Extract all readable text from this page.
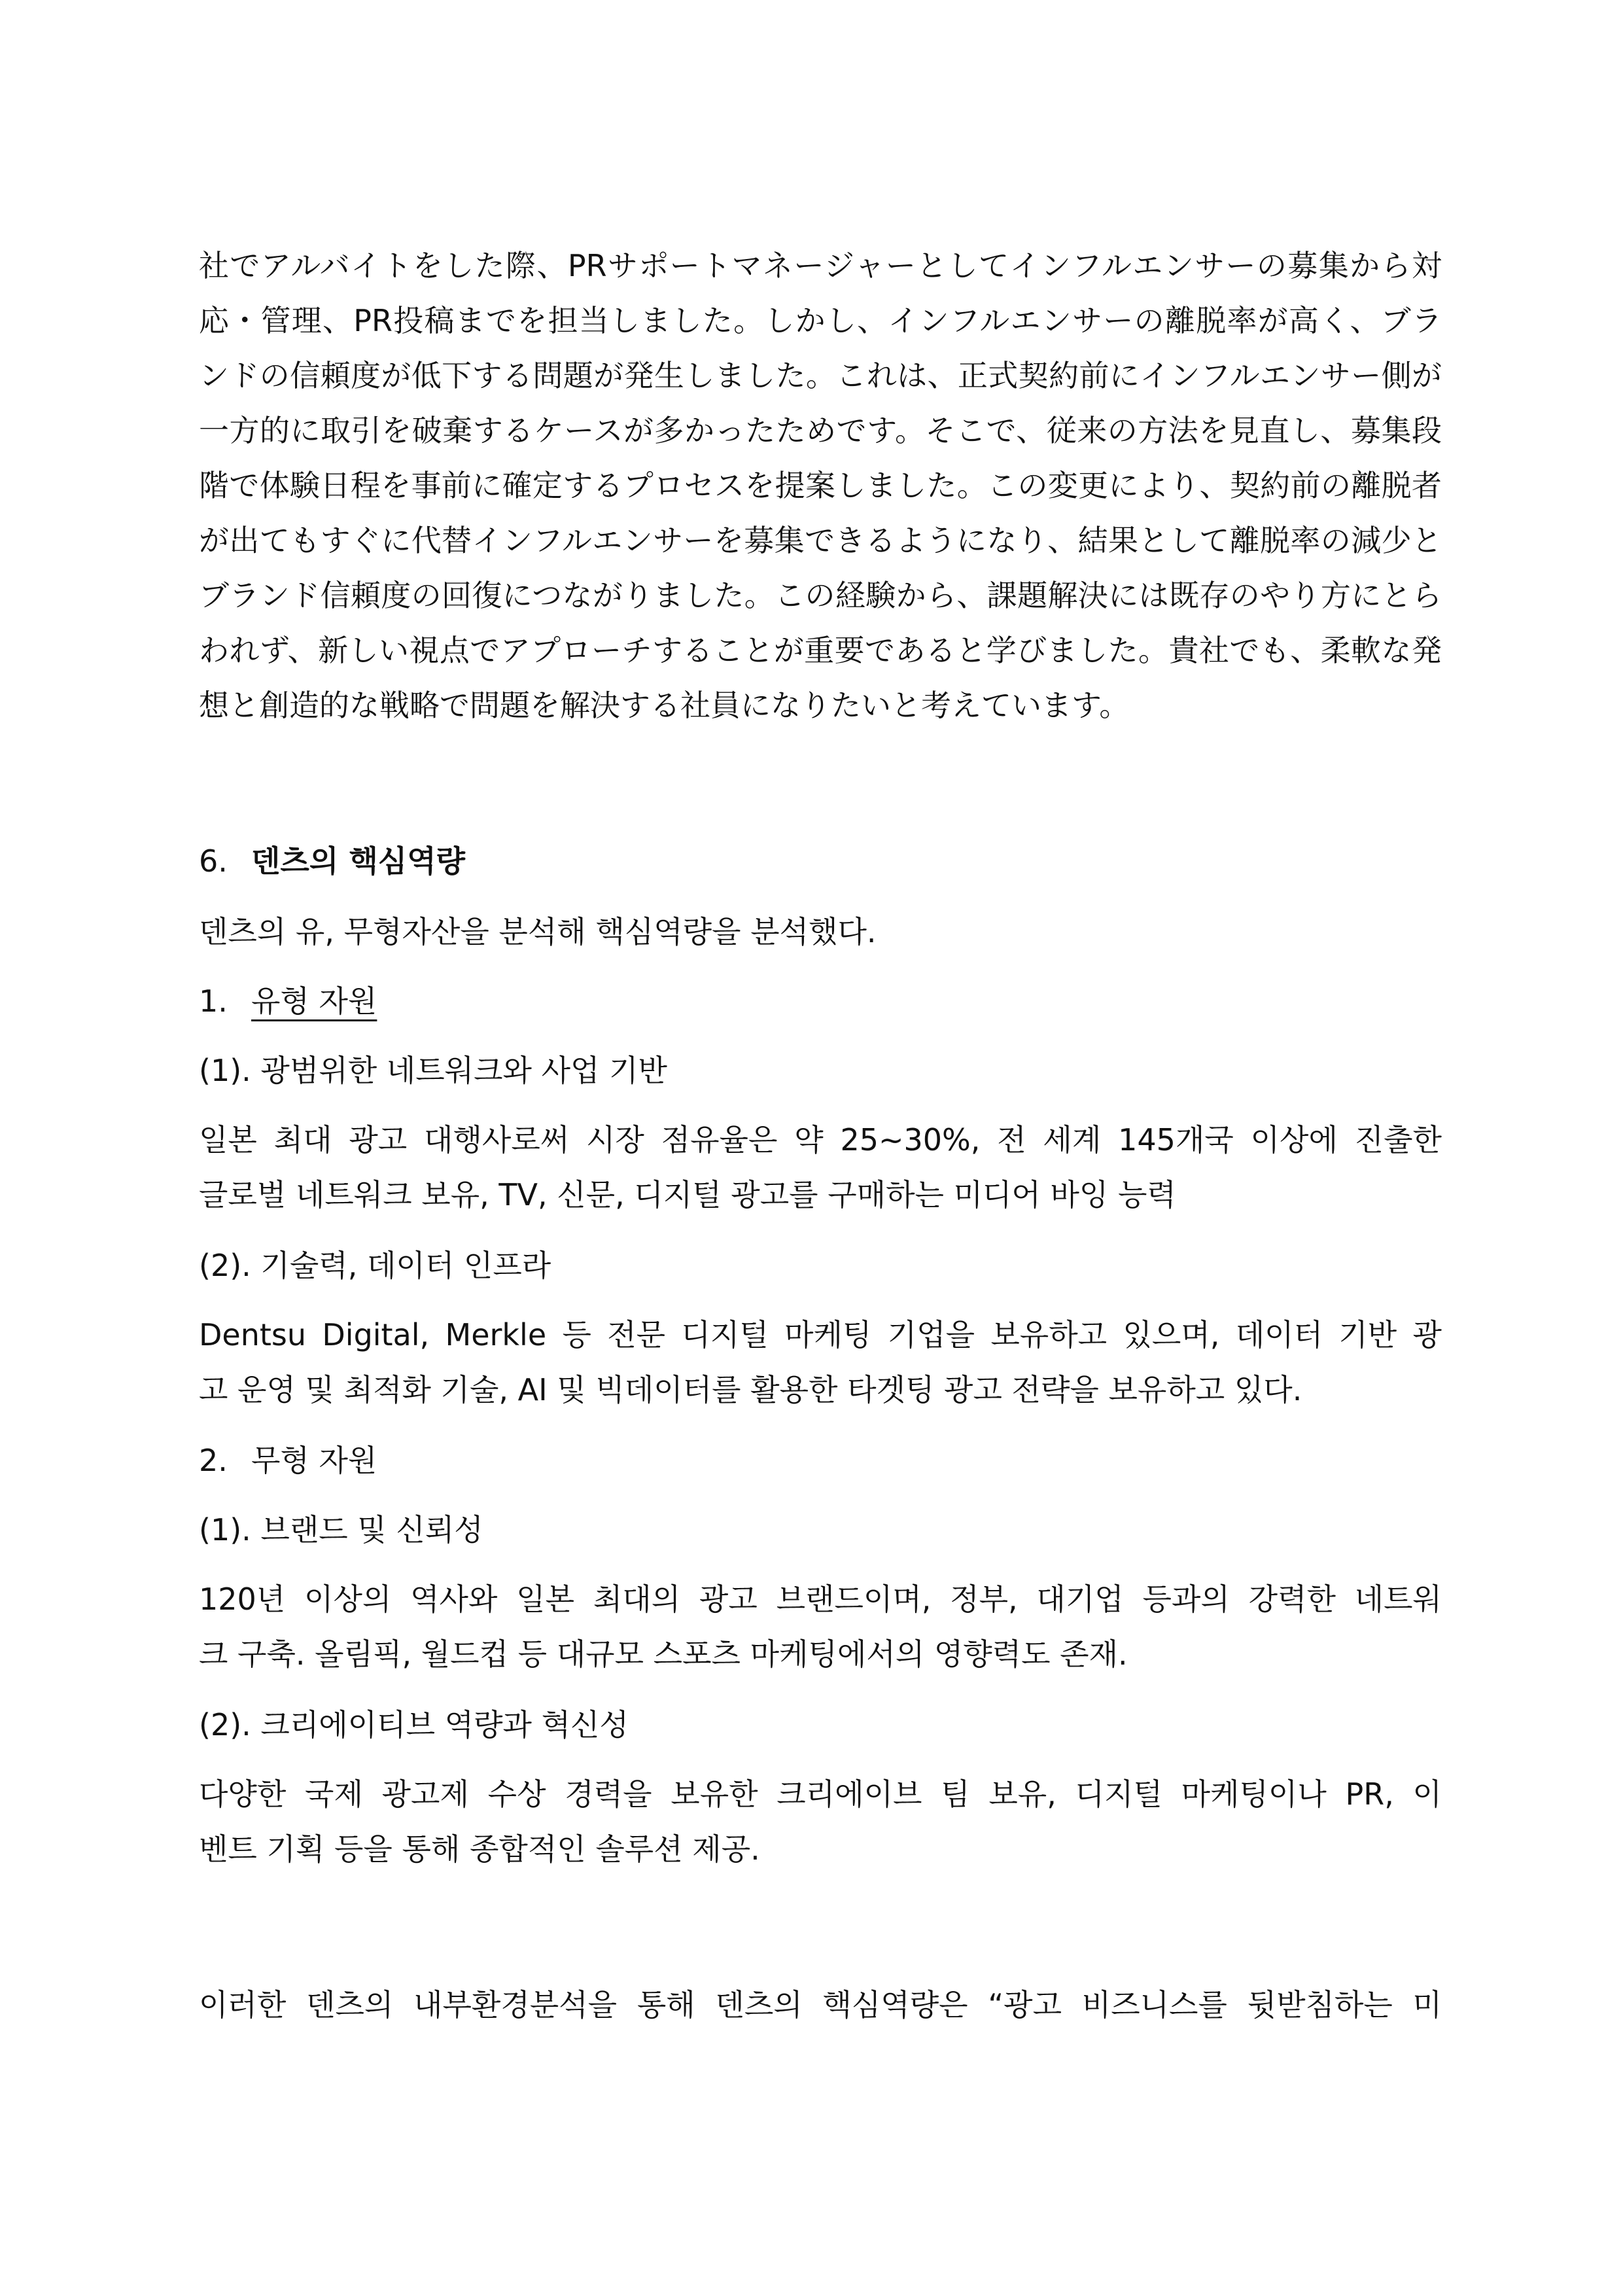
社でアルバイトをした際、PRサポートマネージャーとしてインフルエンサーの募集から対
応・管理、PR投稿までを担当しました。しかし、インフルエンサーの離脱率が高く、ブラ
ンドの信頼度が低下する問題が発生しました。これは、正式契約前にインフルエンサー側が
一方的に取引を破棄するケースが多かったためです。そこで、従来の方法を見直し、募集段
階で体験日程を事前に確定するプロセスを提案しました。この変更により、契約前の離脱者
が出てもすぐに代替インフルエンサーを募集できるようになり、結果として離脱率の減少と
ブランド信頼度の回復につながりました。この経験から、課題解決には既存のやり方にとら
われず、新しい視点でアプローチすることが重要であると学びました。貴社でも、柔軟な発
想と創造的な戦略で問題を解決する社員になりたいと考えています。
6. 덴츠의 핵심역량
덴츠의 유, 무형자산을 분석해 핵심역량을 분석했다.
1. 유형 자원
(1). 광범위한 네트워크와 사업 기반
일본 최대 광고 대행사로써 시장 점유율은 약 25~30%, 전 세계 145개국 이상에 진출한
글로벌 네트워크 보유, TV, 신문, 디지털 광고를 구매하는 미디어 바잉 능력
(2). 기술력, 데이터 인프라
Dentsu Digital, Merkle 등 전문 디지털 마케팅 기업을 보유하고 있으며, 데이터 기반 광
고 운영 및 최적화 기술, AI 및 빅데이터를 활용한 타겟팅 광고 전략을 보유하고 있다.
2. 무형 자원
(1). 브랜드 및 신뢰성
120년 이상의 역사와 일본 최대의 광고 브랜드이며, 정부, 대기업 등과의 강력한 네트워
크 구축. 올림픽, 월드컵 등 대규모 스포츠 마케팅에서의 영향력도 존재.
(2). 크리에이티브 역량과 혁신성
다양한 국제 광고제 수상 경력을 보유한 크리에이브 팀 보유, 디지털 마케팅이나 PR, 이
벤트 기획 등을 통해 종합적인 솔루션 제공.
이러한 덴츠의 내부환경분석을 통해 덴츠의 핵심역량은 “광고 비즈니스를 뒷받침하는 미
